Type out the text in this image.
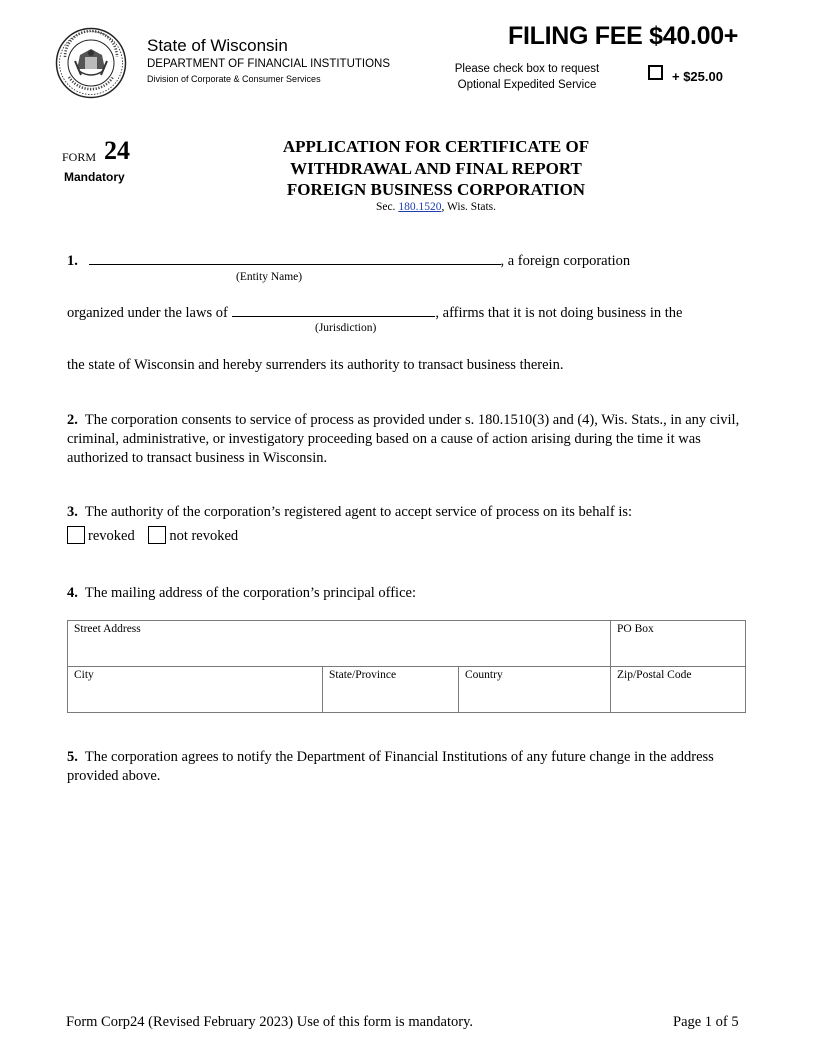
State of Wisconsin
DEPARTMENT OF FINANCIAL INSTITUTIONS
Division of Corporate & Consumer Services
FILING FEE $40.00+
Please check box to request
Optional Expedited Service
+ $25.00
FORM 24
Mandatory
APPLICATION FOR CERTIFICATE OF
WITHDRAWAL AND FINAL REPORT
FOREIGN BUSINESS CORPORATION
Sec. 180.1520, Wis. Stats.
1.	, a foreign corporation
(Entity Name)
organized under the laws of	, affirms that it is not doing business in the
(Jurisdiction)
the state of Wisconsin and hereby surrenders its authority to transact business therein.
2. The corporation consents to service of process as provided under s. 180.1510(3) and (4), Wis. Stats., in any civil, criminal, administrative, or investigatory proceeding based on a cause of action arising during the time it was authorized to transact business in Wisconsin.
3. The authority of the corporation’s registered agent to accept service of process on its behalf is:
revoked not revoked
4. The mailing address of the corporation’s principal office:
Street Address			PO Box
City	State/Province	Country	Zip/Postal Code
5. The corporation agrees to notify the Department of Financial Institutions of any future change in the address provided above.
Form Corp24 (Revised February 2023) Use of this form is mandatory.	Page 1 of 5
